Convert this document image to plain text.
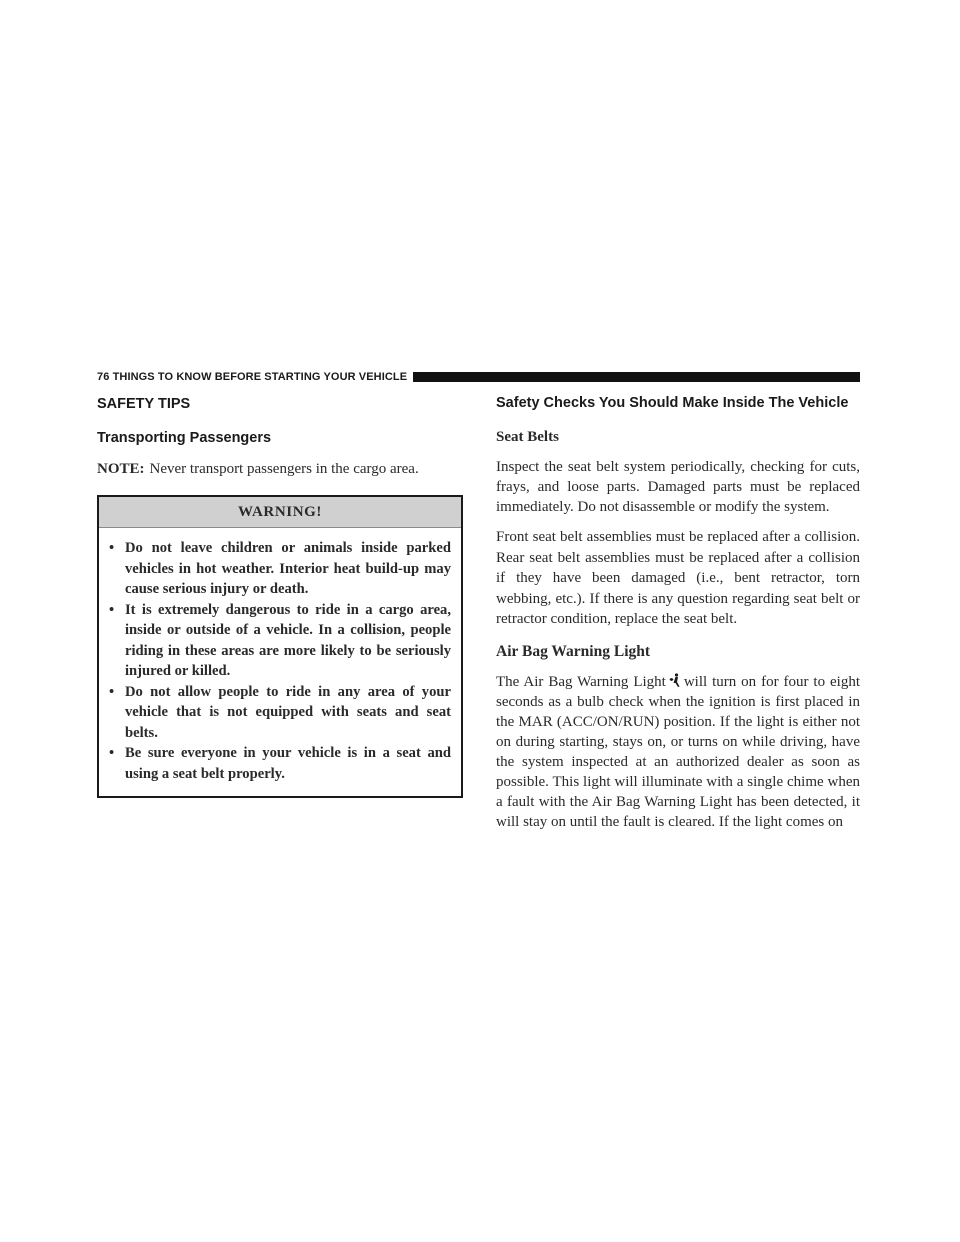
76 THINGS TO KNOW BEFORE STARTING YOUR VEHICLE
SAFETY TIPS
Transporting Passengers
NOTE: Never transport passengers in the cargo area.
WARNING!
• Do not leave children or animals inside parked vehicles in hot weather. Interior heat build-up may cause serious injury or death.
• It is extremely dangerous to ride in a cargo area, inside or outside of a vehicle. In a collision, people riding in these areas are more likely to be seriously injured or killed.
• Do not allow people to ride in any area of your vehicle that is not equipped with seats and seat belts.
• Be sure everyone in your vehicle is in a seat and using a seat belt properly.
Safety Checks You Should Make Inside The Vehicle
Seat Belts
Inspect the seat belt system periodically, checking for cuts, frays, and loose parts. Damaged parts must be replaced immediately. Do not disassemble or modify the system.
Front seat belt assemblies must be replaced after a collision. Rear seat belt assemblies must be replaced after a collision if they have been damaged (i.e., bent retractor, torn webbing, etc.). If there is any question regarding seat belt or retractor condition, replace the seat belt.
Air Bag Warning Light
The Air Bag Warning Light will turn on for four to eight seconds as a bulb check when the ignition is first placed in the MAR (ACC/ON/RUN) position. If the light is either not on during starting, stays on, or turns on while driving, have the system inspected at an authorized dealer as soon as possible. This light will illuminate with a single chime when a fault with the Air Bag Warning Light has been detected, it will stay on until the fault is cleared. If the light comes on
